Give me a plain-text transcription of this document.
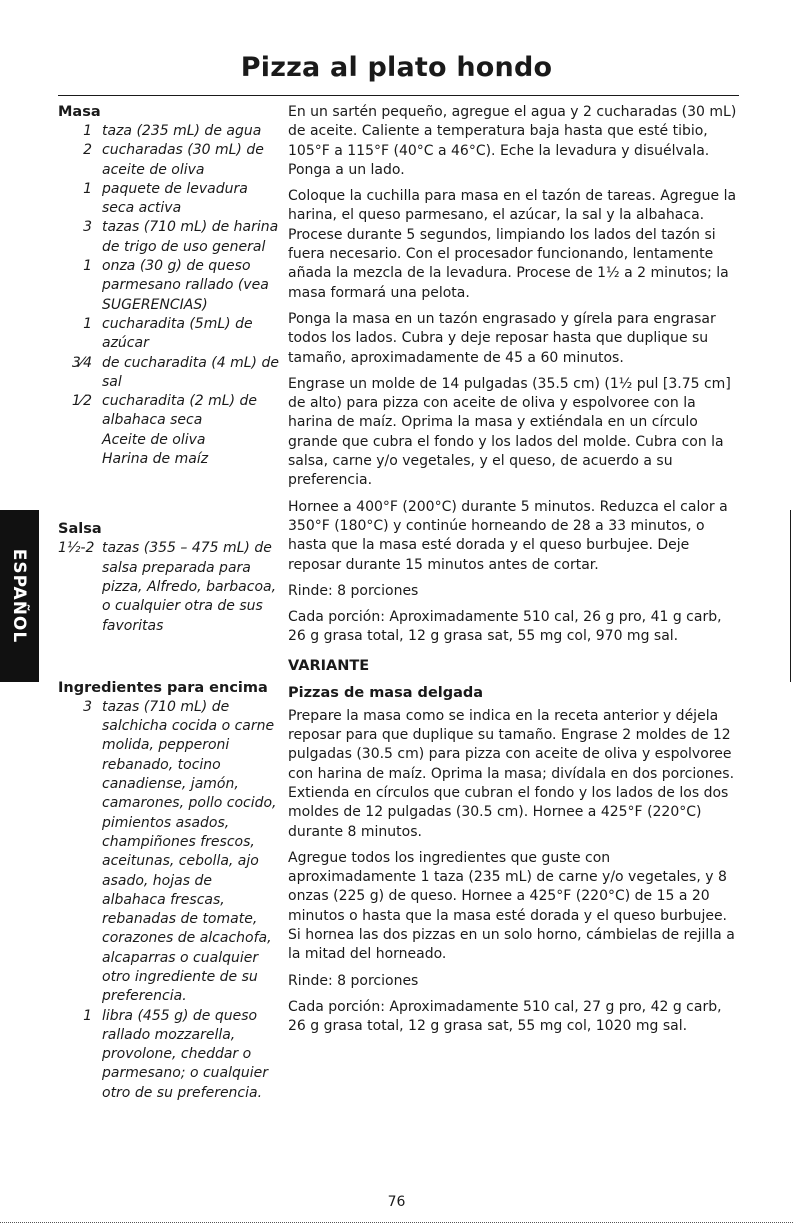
Pizza al plato hondo
Masa
1 taza (235 mL) de agua
2 cucharadas (30 mL) de aceite de oliva
1 paquete de levadura seca activa
3 tazas (710 mL) de harina de trigo de uso general
1 onza (30 g) de queso parmesano rallado (vea SUGERENCIAS)
1 cucharadita (5mL) de azúcar
3⁄4 de cucharadita (4 mL) de sal
1⁄2 cucharadita (2 mL) de albahaca seca
Aceite de oliva
Harina de maíz
Salsa
1½-2 tazas (355 – 475 mL) de salsa preparada para pizza, Alfredo, barbacoa, o cualquier otra de sus favoritas
Ingredientes para encima
3 tazas (710 mL) de salchicha cocida o carne molida, pepperoni rebanado, tocino canadiense, jamón, camarones, pollo cocido, pimientos asados, champiñones frescos, aceitunas, cebolla, ajo asado, hojas de albahaca frescas, rebanadas de tomate, corazones de alcachofa, alcaparras o cualquier otro ingrediente de su preferencia.
1 libra (455 g) de queso rallado mozzarella, provolone, cheddar o parmesano; o cualquier otro de su preferencia.
En un sartén pequeño, agregue el agua y 2 cucharadas (30 mL) de aceite. Caliente a temperatura baja hasta que esté tibio, 105°F a 115°F (40°C a 46°C). Eche la levadura y disuélvala. Ponga a un lado.
Coloque la cuchilla para masa en el tazón de tareas. Agregue la harina, el queso parmesano, el azúcar, la sal y la albahaca. Procese durante 5 segundos, limpiando los lados del tazón si fuera necesario. Con el procesador funcionando, lentamente añada la mezcla de la levadura. Procese de 1½ a 2 minutos; la masa formará una pelota.
Ponga la masa en un tazón engrasado y gírela para engrasar todos los lados. Cubra y deje reposar hasta que duplique su tamaño, aproximadamente de 45 a 60 minutos.
Engrase un molde de 14 pulgadas (35.5 cm) (1½ pul [3.75 cm] de alto) para pizza con aceite de oliva y espolvoree con la harina de maíz. Oprima la masa y extiéndala en un círculo grande que cubra el fondo y los lados del molde. Cubra con la salsa, carne y/o vegetales, y el queso, de acuerdo a su preferencia.
Hornee a 400°F (200°C) durante 5 minutos. Reduzca el calor a 350°F (180°C) y continúe horneando de 28 a 33 minutos, o hasta que la masa esté dorada y el queso burbujee. Deje reposar durante 15 minutos antes de cortar.
Rinde: 8 porciones
Cada porción: Aproximadamente 510 cal, 26 g pro, 41 g carb, 26 g grasa total, 12 g grasa sat, 55 mg col, 970 mg sal.
VARIANTE
Pizzas de masa delgada
Prepare la masa como se indica en la receta anterior y déjela reposar para que duplique su tamaño. Engrase 2 moldes de 12 pulgadas (30.5 cm) para pizza con aceite de oliva y espolvoree con harina de maíz. Oprima la masa; divídala en dos porciones. Extienda en círculos que cubran el fondo y los lados de los dos moldes de 12 pulgadas (30.5 cm). Hornee a 425°F (220°C) durante 8 minutos.
Agregue todos los ingredientes que guste con aproximadamente 1 taza (235 mL) de carne y/o vegetales, y 8 onzas (225 g) de queso. Hornee a 425°F (220°C) de 15 a 20 minutos o hasta que la masa esté dorada y el queso burbujee. Si hornea las dos pizzas en un solo horno, cámbielas de rejilla a la mitad del horneado.
Rinde: 8 porciones
Cada porción: Aproximadamente 510 cal, 27 g pro, 42 g carb, 26 g grasa total, 12 g grasa sat, 55 mg col, 1020 mg sal.
ESPAÑOL
76
